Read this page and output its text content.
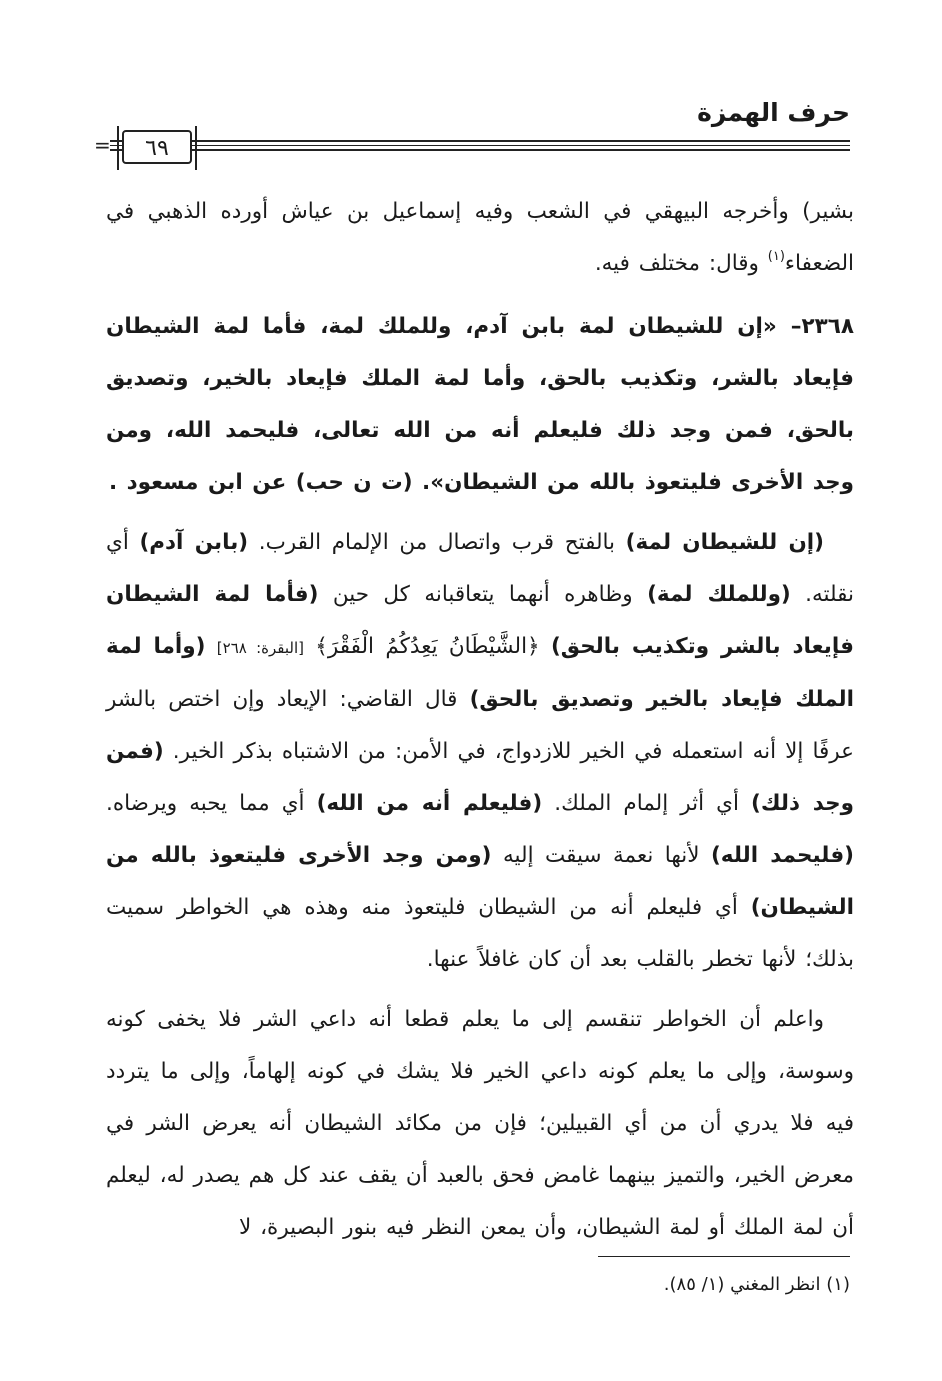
حرف الهمزة
=	٦٩

بشير) وأخرجه البيهقي في الشعب وفيه إسماعيل بن عياش أورده الذهبي في الضعفاء$^{(١)}$ وقال: مختلف فيه.

٢٣٦٨– «إن للشيطان لمة بابن آدم، وللملك لمة، فأما لمة الشيطان فإيعاد بالشر، وتكذيب بالحق، وأما لمة الملك فإيعاد بالخير، وتصديق بالحق، فمن وجد ذلك فليعلم أنه من الله تعالى، فليحمد الله، ومن وجد الأخرى فليتعوذ بالله من الشيطان». (ت ن حب) عن ابن مسعود .

(إن للشيطان لمة) بالفتح قرب واتصال من الإلمام القرب. (بابن آدم) أي نقلته. (وللملك لمة) وظاهره أنهما يتعاقبانه كل حين (فأما لمة الشيطان فإيعاد بالشر وتكذيب بالحق) ﴿الشَّيْطَانُ يَعِدُكُمُ الْفَقْرَ﴾ [البقرة: ٢٦٨] (وأما لمة الملك فإيعاد بالخير وتصديق بالحق) قال القاضي: الإيعاد وإن اختص بالشر عرفًا إلا أنه استعمله في الخير للازدواج، في الأمن: من الاشتباه بذكر الخير. (فمن وجد ذلك) أي أثر إلمام الملك. (فليعلم أنه من الله) أي مما يحبه ويرضاه. (فليحمد الله) لأنها نعمة سيقت إليه (ومن وجد الأخرى فليتعوذ بالله من الشيطان) أي فليعلم أنه من الشيطان فليتعوذ منه وهذه هي الخواطر سميت بذلك؛ لأنها تخطر بالقلب بعد أن كان غافلاً عنها.

واعلم أن الخواطر تنقسم إلى ما يعلم قطعا أنه داعي الشر فلا يخفى كونه وسوسة، وإلى ما يعلم كونه داعي الخير فلا يشك في كونه إلهاماً، وإلى ما يتردد فيه فلا يدري أن من أي القبيلين؛ فإن من مكائد الشيطان أنه يعرض الشر في معرض الخير، والتميز بينهما غامض فحق بالعبد أن يقف عند كل هم يصدر له، ليعلم أن لمة الملك أو لمة الشيطان، وأن يمعن النظر فيه بنور البصيرة، لا

(١) انظر المغني (١/ ٨٥).
